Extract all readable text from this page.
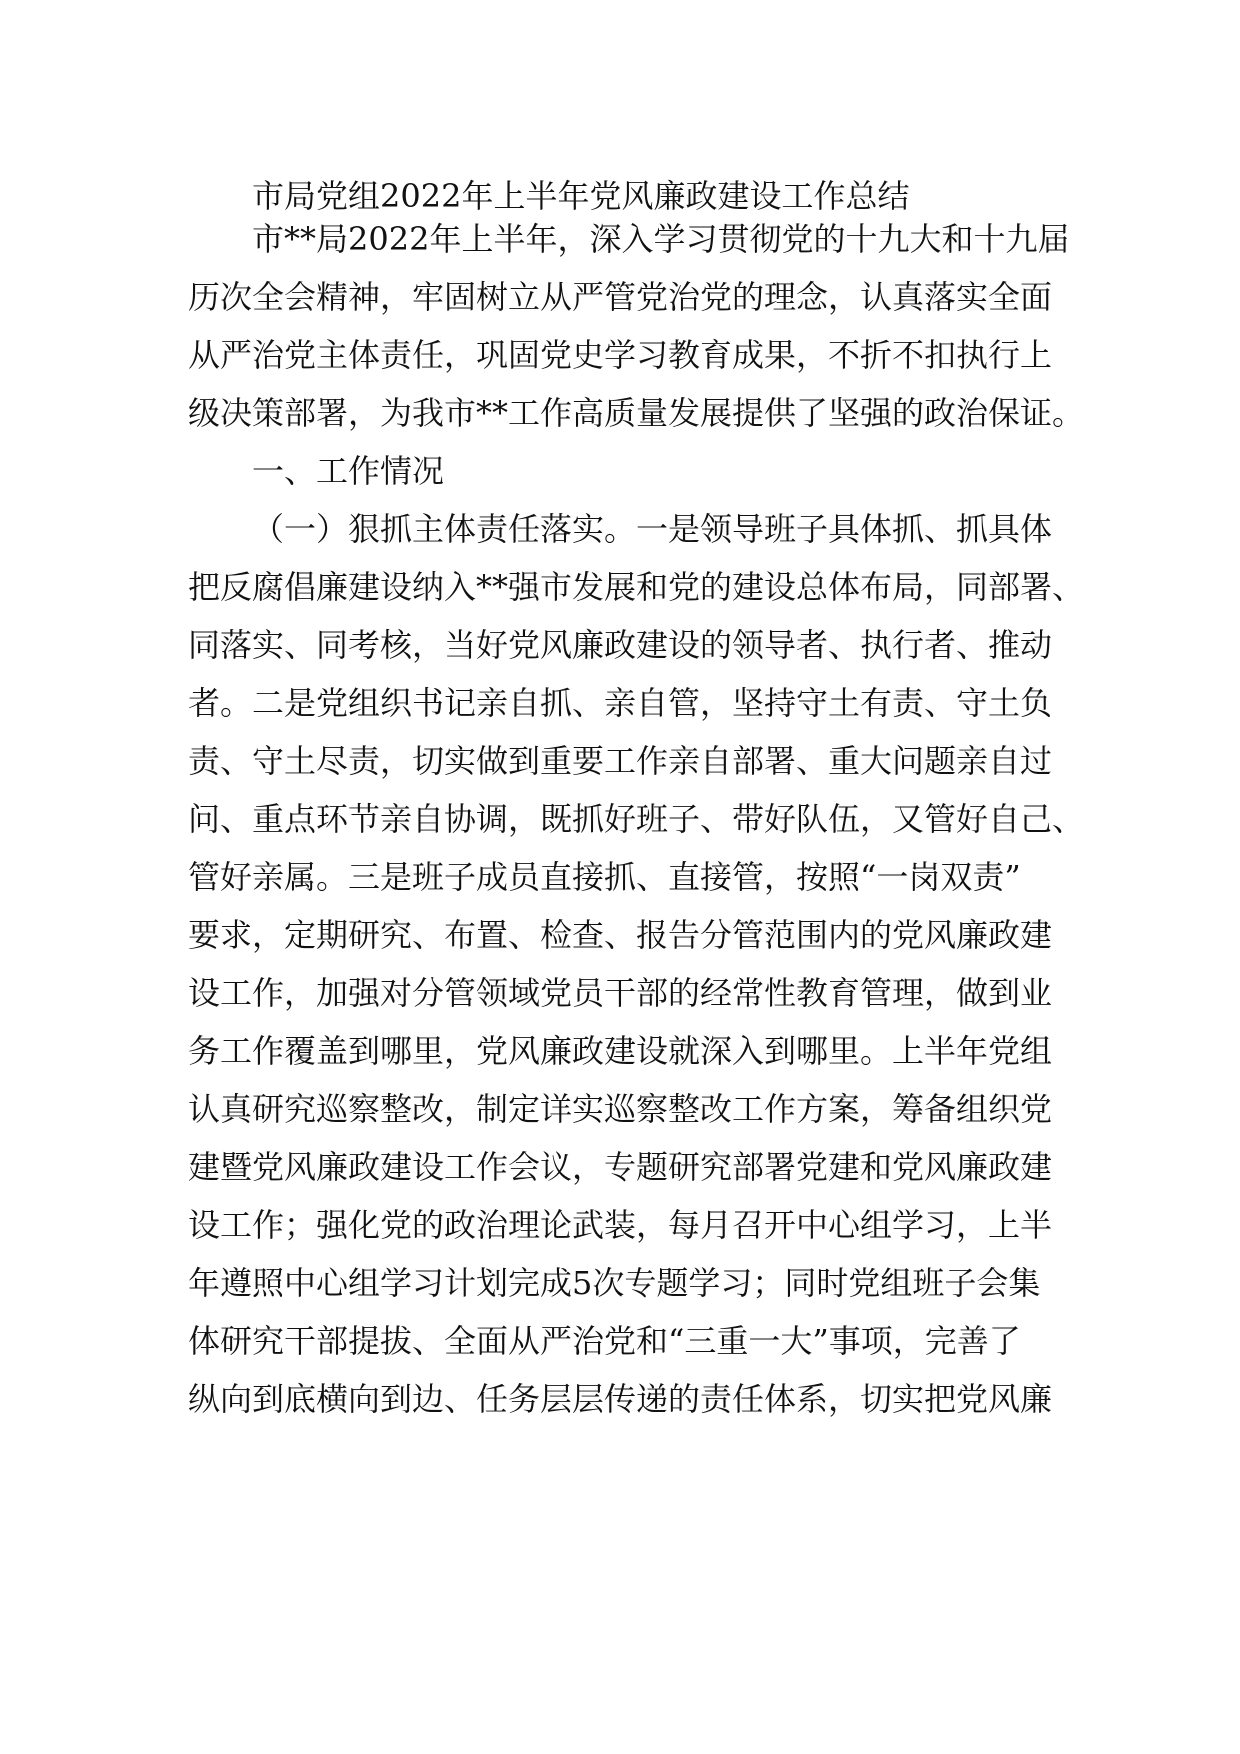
市局党组2022年上半年党风廉政建设工作总结
市**局2022年上半年，深入学习贯彻党的十九大和十九届
历次全会精神，牢固树立从严管党治党的理念，认真落实全面
从严治党主体责任，巩固党史学习教育成果，不折不扣执行上
级决策部署，为我市**工作高质量发展提供了坚强的政治保证。
一、工作情况
（一）狠抓主体责任落实。一是领导班子具体抓、抓具体
把反腐倡廉建设纳入**强市发展和党的建设总体布局，同部署、
同落实、同考核，当好党风廉政建设的领导者、执行者、推动
者。二是党组织书记亲自抓、亲自管，坚持守土有责、守土负
责、守土尽责，切实做到重要工作亲自部署、重大问题亲自过
问、重点环节亲自协调，既抓好班子、带好队伍，又管好自己、
管好亲属。三是班子成员直接抓、直接管，按照“一岗双责”
要求，定期研究、布置、检查、报告分管范围内的党风廉政建
设工作，加强对分管领域党员干部的经常性教育管理，做到业
务工作覆盖到哪里，党风廉政建设就深入到哪里。上半年党组
认真研究巡察整改，制定详实巡察整改工作方案，筹备组织党
建暨党风廉政建设工作会议，专题研究部署党建和党风廉政建
设工作；强化党的政治理论武装，每月召开中心组学习，上半
年遵照中心组学习计划完成5次专题学习；同时党组班子会集
体研究干部提拔、全面从严治党和“三重一大”事项，完善了
纵向到底横向到边、任务层层传递的责任体系，切实把党风廉
